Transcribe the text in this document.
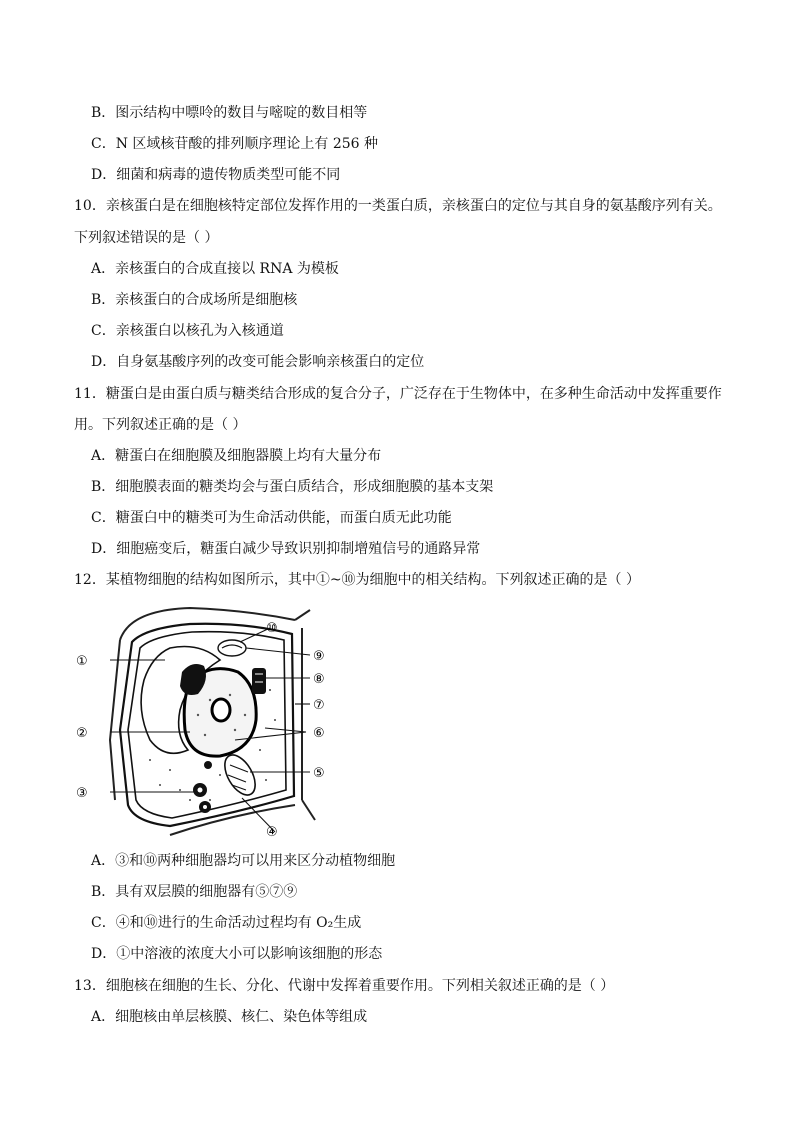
B．图示结构中嘌呤的数目与嘧啶的数目相等
C．N 区域核苷酸的排列顺序理论上有 256 种
D．细菌和病毒的遗传物质类型可能不同
10．亲核蛋白是在细胞核特定部位发挥作用的一类蛋白质，亲核蛋白的定位与其自身的氨基酸序列有关。
下列叙述错误的是（ ）
A．亲核蛋白的合成直接以 RNA 为模板
B．亲核蛋白的合成场所是细胞核
C．亲核蛋白以核孔为入核通道
D．自身氨基酸序列的改变可能会影响亲核蛋白的定位
11．糖蛋白是由蛋白质与糖类结合形成的复合分子，广泛存在于生物体中，在多种生命活动中发挥重要作
用。下列叙述正确的是（ ）
A．糖蛋白在细胞膜及细胞器膜上均有大量分布
B．细胞膜表面的糖类均会与蛋白质结合，形成细胞膜的基本支架
C．糖蛋白中的糖类可为生命活动供能，而蛋白质无此功能
D．细胞癌变后，糖蛋白减少导致识别抑制增殖信号的通路异常
12．某植物细胞的结构如图所示，其中①~⑩为细胞中的相关结构。下列叙述正确的是（ ）
①
②
③
④
⑤
⑥
⑦
⑧
⑨
⑩
A．③和⑩两种细胞器均可以用来区分动植物细胞
B．具有双层膜的细胞器有⑤⑦⑨
C．④和⑩进行的生命活动过程均有 O₂生成
D．①中溶液的浓度大小可以影响该细胞的形态
13．细胞核在细胞的生长、分化、代谢中发挥着重要作用。下列相关叙述正确的是（ ）
A．细胞核由单层核膜、核仁、染色体等组成
